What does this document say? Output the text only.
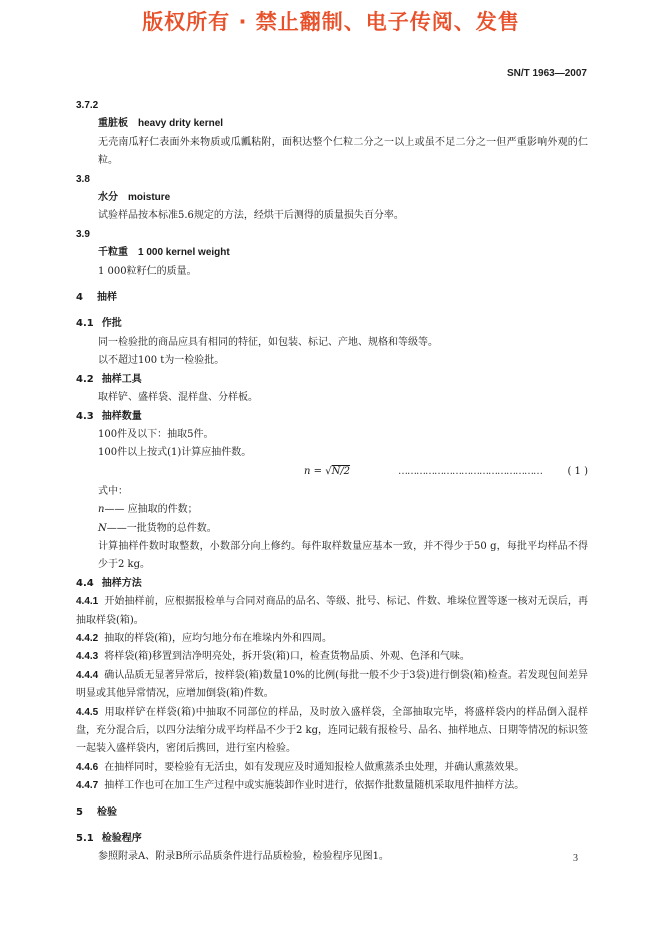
版权所有 · 禁止翻制、电子传阅、发售
SN/T 1963—2007
3.7.2
重脏板 heavy drity kernel
无壳南瓜籽仁表面外来物质或瓜瓤粘附，面积达整个仁粒二分之一以上或虽不足二分之一但严重影响外观的仁粒。
3.8
水分 moisture
试验样品按本标准5.6规定的方法，经烘干后测得的质量损失百分率。
3.9
千粒重 1 000 kernel weight
1 000粒籽仁的质量。
4 抽样
4.1 作批
同一检验批的商品应具有相同的特征，如包装、标记、产地、规格和等级等。
以不超过100 t为一检验批。
4.2 抽样工具
取样铲、盛样袋、混样盘、分样板。
4.3 抽样数量
100件及以下：抽取5件。
100件以上按式(1)计算应抽件数。
n = √N/2	…………………………………………	( 1 )
式中：
n—— 应抽取的件数；
N——一批货物的总件数。
计算抽样件数时取整数，小数部分向上修约。每件取样数量应基本一致，并不得少于50 g，每批平均样品不得少于2 kg。
4.4 抽样方法
4.4.1 开始抽样前，应根据报检单与合同对商品的品名、等级、批号、标记、件数、堆垛位置等逐一核对无误后，再抽取样袋(箱)。
4.4.2 抽取的样袋(箱)，应均匀地分布在堆垛内外和四周。
4.4.3 将样袋(箱)移置到洁净明亮处，拆开袋(箱)口，检查货物品质、外观、色泽和气味。
4.4.4 确认品质无显著异常后，按样袋(箱)数量10%的比例(每批一般不少于3袋)进行倒袋(箱)检查。若发现包间差异明显或其他异常情况，应增加倒袋(箱)件数。
4.4.5 用取样铲在样袋(箱)中抽取不同部位的样品，及时放入盛样袋，全部抽取完毕，将盛样袋内的样品倒入混样盘，充分混合后，以四分法缩分成平均样品不少于2 kg，连同记载有报检号、品名、抽样地点、日期等情况的标识签一起装入盛样袋内，密闭后携回，进行室内检验。
4.4.6 在抽样同时，要检验有无活虫，如有发现应及时通知报检人做熏蒸杀虫处理，并确认熏蒸效果。
4.4.7 抽样工作也可在加工生产过程中或实施装卸作业时进行，依据作批数量随机采取甩件抽样方法。
5 检验
5.1 检验程序
参照附录A、附录B所示品质条件进行品质检验，检验程序见图1。	3
